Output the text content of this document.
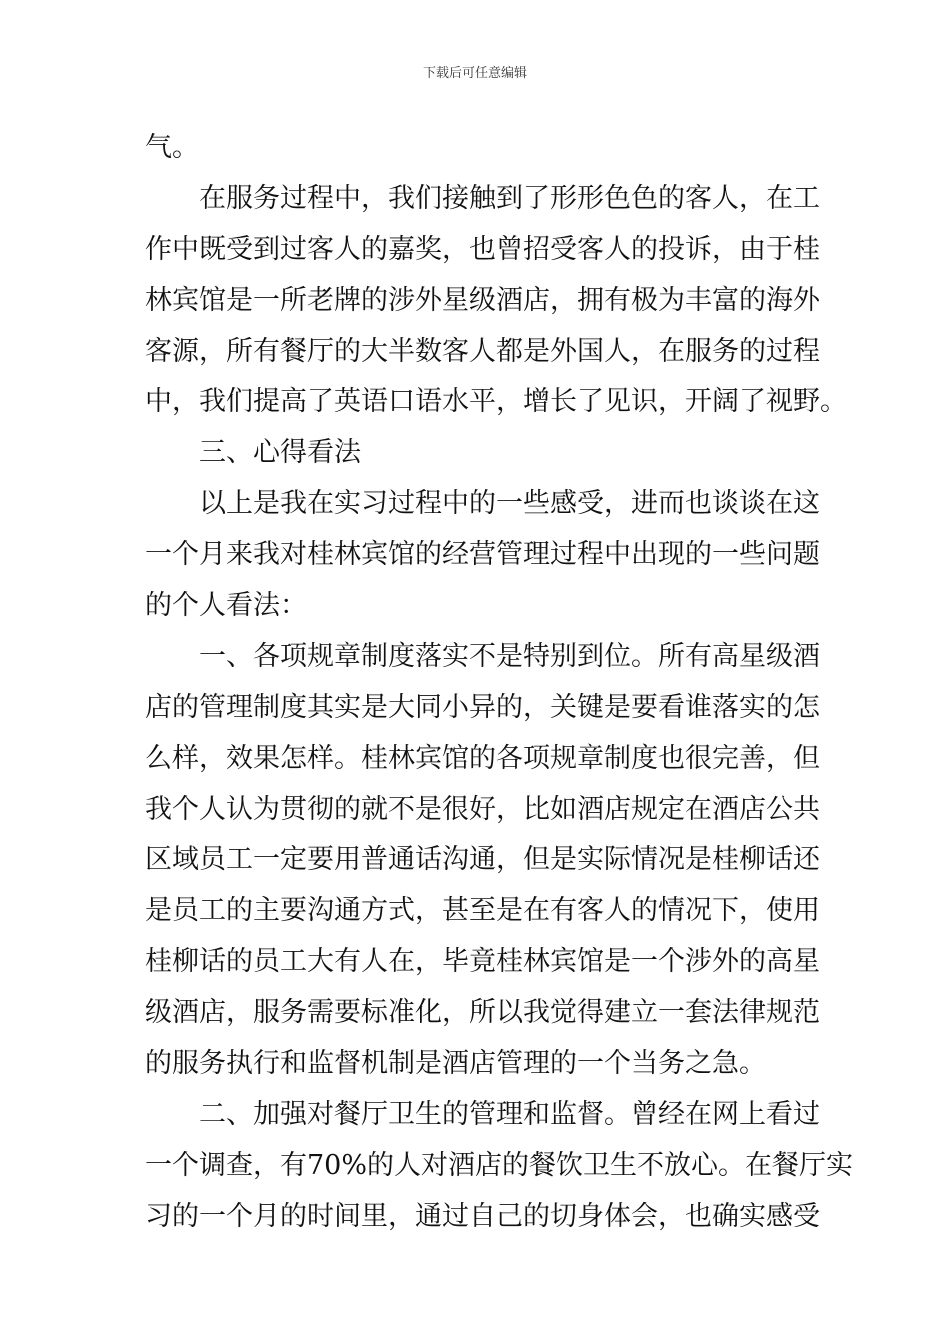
下载后可任意编辑
气。
在服务过程中，我们接触到了形形色色的客人，在工
作中既受到过客人的嘉奖，也曾招受客人的投诉，由于桂
林宾馆是一所老牌的涉外星级酒店，拥有极为丰富的海外
客源，所有餐厅的大半数客人都是外国人，在服务的过程
中，我们提高了英语口语水平，增长了见识，开阔了视野。
三、心得看法
以上是我在实习过程中的一些感受，进而也谈谈在这
一个月来我对桂林宾馆的经营管理过程中出现的一些问题
的个人看法：
一、各项规章制度落实不是特别到位。所有高星级酒
店的管理制度其实是大同小异的，关键是要看谁落实的怎
么样，效果怎样。桂林宾馆的各项规章制度也很完善，但
我个人认为贯彻的就不是很好，比如酒店规定在酒店公共
区域员工一定要用普通话沟通，但是实际情况是桂柳话还
是员工的主要沟通方式，甚至是在有客人的情况下，使用
桂柳话的员工大有人在，毕竟桂林宾馆是一个涉外的高星
级酒店，服务需要标准化，所以我觉得建立一套法律规范
的服务执行和监督机制是酒店管理的一个当务之急。
二、加强对餐厅卫生的管理和监督。曾经在网上看过
一个调查，有70%的人对酒店的餐饮卫生不放心。在餐厅实
习的一个月的时间里，通过自己的切身体会，也确实感受
